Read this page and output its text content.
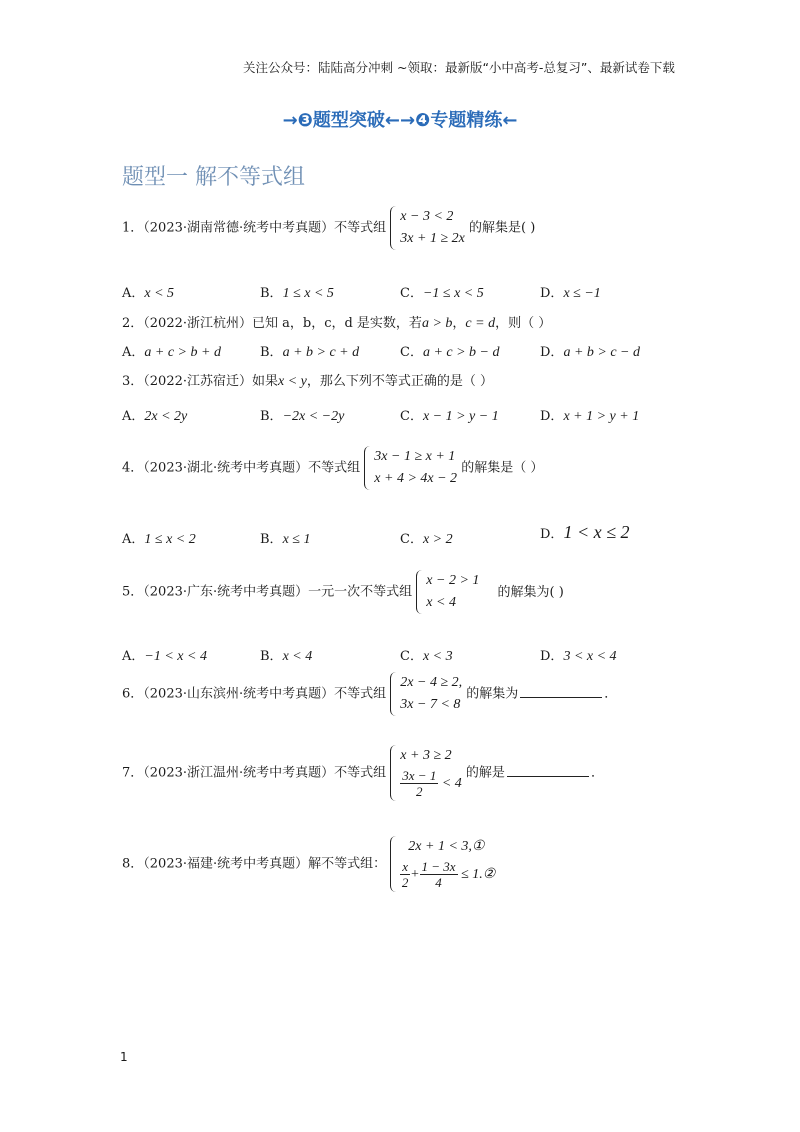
关注公众号：陆陆高分冲刺 ~领取：最新版“小中高考-总复习”、最新试卷下载
→❸题型突破←→❹专题精练←
题型一 解不等式组
1．（2023·湖南常德·统考中考真题）不等式组
x − 3 < 2
3x + 1 ≥ 2x
的解集是( )
A．x < 5	B．1 ≤ x < 5	C．−1 ≤ x < 5	D．x ≤ −1
2．（2022·浙江杭州）已知 a，b，c，d 是实数，若a > b，c = d，则（ ）
A．a + c > b + d	B．a + b > c + d	C．a + c > b − d	D．a + b > c − d
3．（2022·江苏宿迁）如果x < y，那么下列不等式正确的是（ ）
A．2x < 2y	B．−2x < −2y	C．x − 1 > y − 1	D．x + 1 > y + 1
4．（2023·湖北·统考中考真题）不等式组
3x − 1 ≥ x + 1
x + 4 > 4x − 2
的解集是（ ）
A．1 ≤ x < 2	B．x ≤ 1	C．x > 2	D．1 < x ≤ 2
5．（2023·广东·统考中考真题）一元一次不等式组
x − 2 > 1
x < 4
的解集为( )
A．−1 < x < 4	B．x < 4	C．x < 3	D．3 < x < 4
6．（2023·山东滨州·统考中考真题）不等式组
2x − 4 ≥ 2,
3x − 7 < 8
的解集为	．
7．（2023·浙江温州·统考中考真题）不等式组
x + 3 ≥ 2
$\frac{3x - 1}{2} < 4$
的解是	．
8．（2023·福建·统考中考真题）解不等式组：
2x + 1 < 3,①
$\frac{x}{2} + \frac{1 - 3x}{4}$ ≤ 1.②
1
